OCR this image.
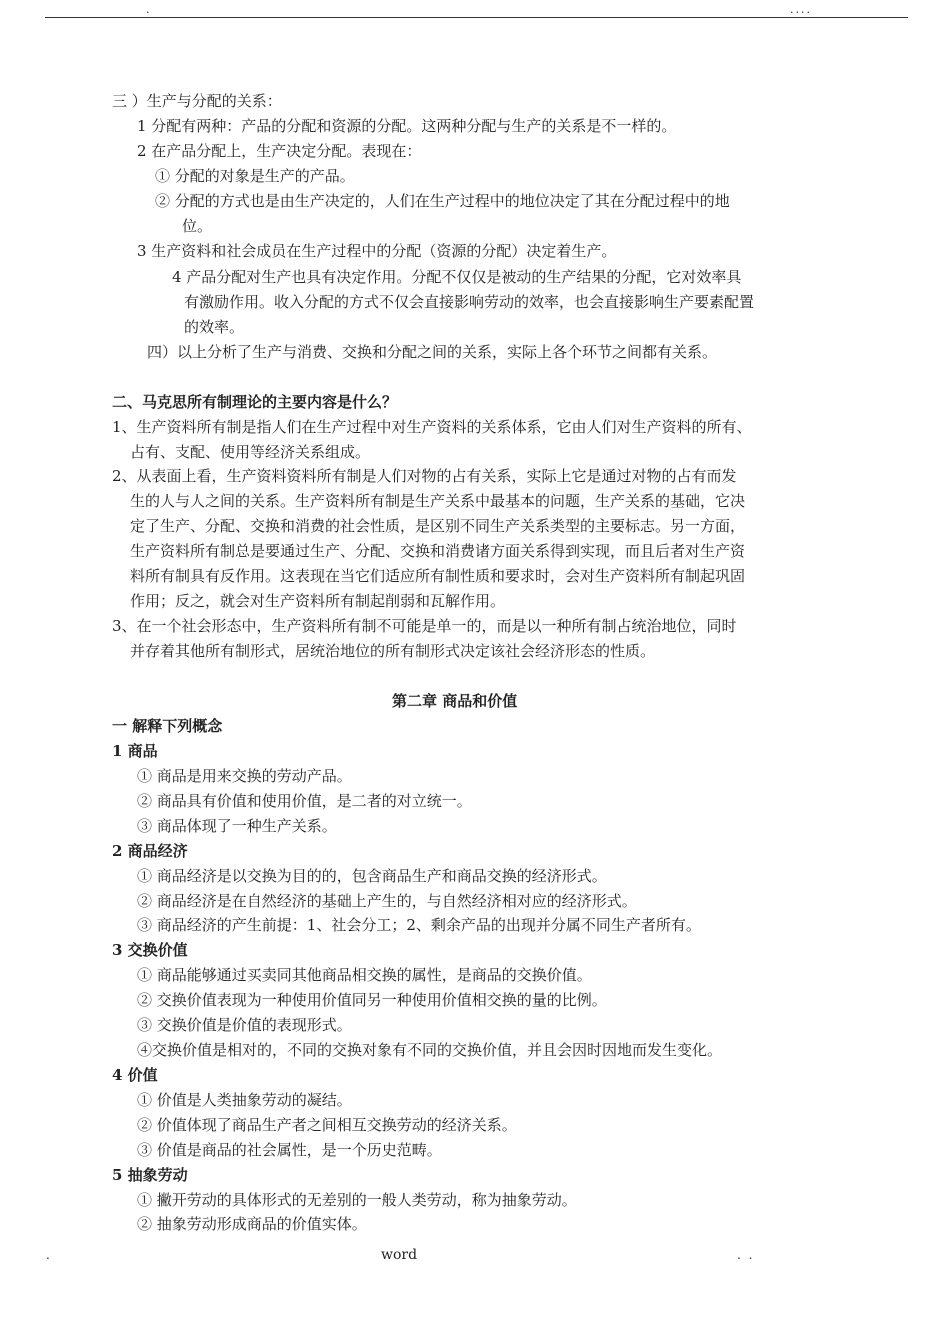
.	....
三 ）生产与分配的关系：
1 分配有两种：产品的分配和资源的分配。这两种分配与生产的关系是不一样的。
2 在产品分配上，生产决定分配。表现在：
① 分配的对象是生产的产品。
② 分配的方式也是由生产决定的，人们在生产过程中的地位决定了其在分配过程中的地
位。
3 生产资料和社会成员在生产过程中的分配（资源的分配）决定着生产。
4 产品分配对生产也具有决定作用。分配不仅仅是被动的生产结果的分配，它对效率具
有激励作用。收入分配的方式不仅会直接影响劳动的效率，也会直接影响生产要素配置
的效率。
四）以上分析了生产与消费、交换和分配之间的关系，实际上各个环节之间都有关系。
二、马克思所有制理论的主要内容是什么？
1、生产资料所有制是指人们在生产过程中对生产资料的关系体系，它由人们对生产资料的所有、
占有、支配、使用等经济关系组成。
2、从表面上看，生产资料资料所有制是人们对物的占有关系，实际上它是通过对物的占有而发
生的人与人之间的关系。生产资料所有制是生产关系中最基本的问题，生产关系的基础，它决
定了生产、分配、交换和消费的社会性质，是区别不同生产关系类型的主要标志。另一方面，
生产资料所有制总是要通过生产、分配、交换和消费诸方面关系得到实现，而且后者对生产资
料所有制具有反作用。这表现在当它们适应所有制性质和要求时，会对生产资料所有制起巩固
作用；反之，就会对生产资料所有制起削弱和瓦解作用。
3、在一个社会形态中，生产资料所有制不可能是单一的，而是以一种所有制占统治地位，同时
并存着其他所有制形式，居统治地位的所有制形式决定该社会经济形态的性质。
第二章 商品和价值
一 解释下列概念
1 商品
① 商品是用来交换的劳动产品。
② 商品具有价值和使用价值，是二者的对立统一。
③ 商品体现了一种生产关系。
2 商品经济
① 商品经济是以交换为目的的，包含商品生产和商品交换的经济形式。
② 商品经济是在自然经济的基础上产生的，与自然经济相对应的经济形式。
③ 商品经济的产生前提：1、社会分工；2、剩余产品的出现并分属不同生产者所有。
3 交换价值
① 商品能够通过买卖同其他商品相交换的属性，是商品的交换价值。
② 交换价值表现为一种使用价值同另一种使用价值相交换的量的比例。
③ 交换价值是价值的表现形式。
④交换价值是相对的，不同的交换对象有不同的交换价值，并且会因时因地而发生变化。
4 价值
① 价值是人类抽象劳动的凝结。
② 价值体现了商品生产者之间相互交换劳动的经济关系。
③ 价值是商品的社会属性，是一个历史范畴。
5 抽象劳动
① 撇开劳动的具体形式的无差别的一般人类劳动，称为抽象劳动。
② 抽象劳动形成商品的价值实体。
.	word	. .
